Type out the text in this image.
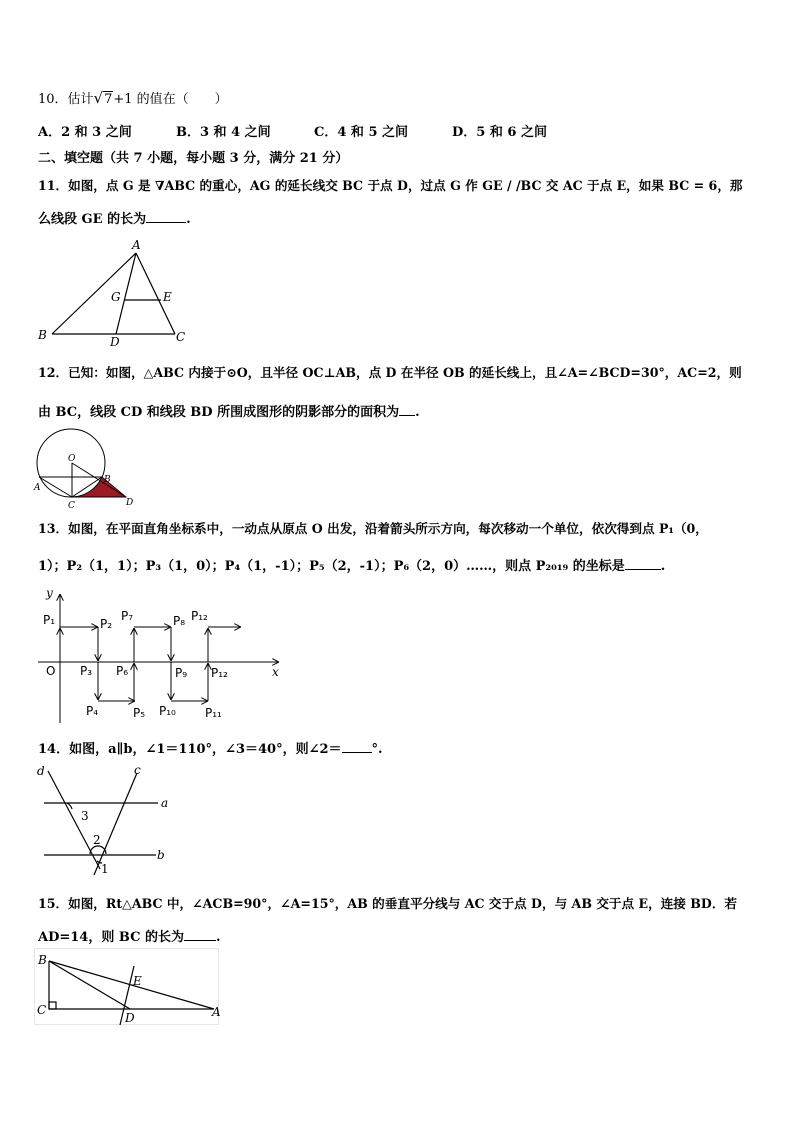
10．估计√7+1 的值在（　　）
A．2 和 3 之间	B．3 和 4 之间	C．4 和 5 之间	D．5 和 6 之间
二、填空题（共 7 小题，每小题 3 分，满分 21 分）
11．如图，点 G 是 ∇ABC 的重心，AG 的延长线交 BC 于点 D，过点 G 作 GE / /BC 交 AC 于点 E，如果 BC = 6，那
么线段 GE 的长为	.
A
B	C
D
G	E
12．已知：如图，△ABC 内接于⊙O，且半径 OC⊥AB，点 D 在半径 OB 的延长线上，且∠A=∠BCD=30°，AC=2，则
由 BC，线段 CD 和线段 BD 所围成图形的阴影部分的面积为 .
O
A
B
C	D
13．如图，在平面直角坐标系中，一动点从原点 O 出发，沿着箭头所示方向，每次移动一个单位，依次得到点 P₁（0，
1）；P₂（1，1）；P₃（1，0）；P₄（1，-1）；P₅（2，-1）；P₆（2，0）……，则点 P₂₀₁₉ 的坐标是	.
y
x
O
P₁	P₂
P₃
P₄	P₅
P₆
P₇	P₈
P₉
P₁₀ P₁₁
P₁₂
P₁₂
14．如图，a∥b，∠1＝110°，∠3＝40°，则∠2＝ °.
d	c
a
b
3
2
1
15．如图，Rt△ABC 中，∠ACB=90°，∠A=15°，AB 的垂直平分线与 AC 交于点 D，与 AB 交于点 E，连接 BD．若
AD=14，则 BC 的长为 .
B
C
D
E
A
